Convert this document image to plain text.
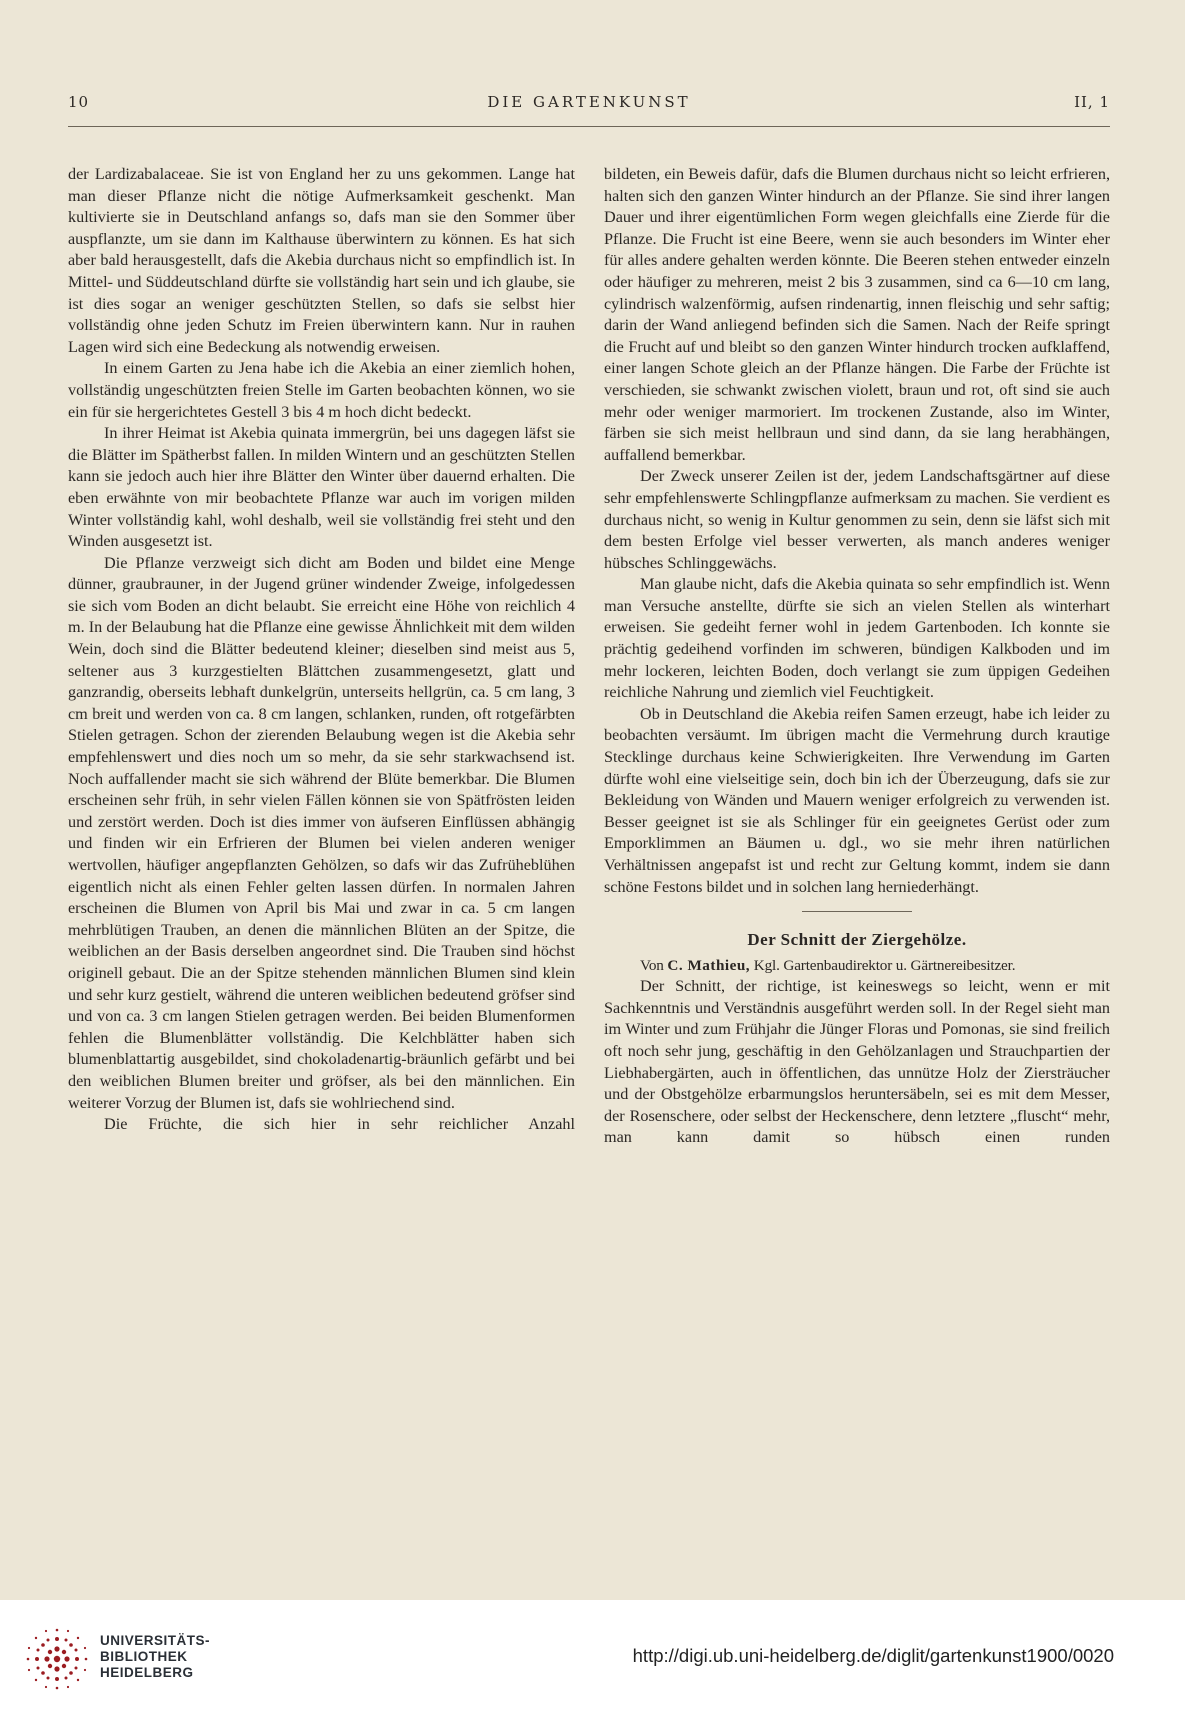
10	DIE GARTENKUNST	II, 1

der Lardizabalaceae. Sie ist von England her zu uns gekommen. Lange hat man dieser Pflanze nicht die nötige Aufmerksamkeit geschenkt. Man kultivierte sie in Deutschland anfangs so, dafs man sie den Sommer über auspflanzte, um sie dann im Kalthause überwintern zu können. Es hat sich aber bald herausgestellt, dafs die Akebia durchaus nicht so empfindlich ist. In Mittel- und Süddeutschland dürfte sie vollständig hart sein und ich glaube, sie ist dies sogar an weniger geschützten Stellen, so dafs sie selbst hier vollständig ohne jeden Schutz im Freien überwintern kann. Nur in rauhen Lagen wird sich eine Bedeckung als notwendig erweisen.

In einem Garten zu Jena habe ich die Akebia an einer ziemlich hohen, vollständig ungeschützten freien Stelle im Garten beobachten können, wo sie ein für sie hergerichtetes Gestell 3 bis 4 m hoch dicht bedeckt.

In ihrer Heimat ist Akebia quinata immergrün, bei uns dagegen läfst sie die Blätter im Spätherbst fallen. In milden Wintern und an geschützten Stellen kann sie jedoch auch hier ihre Blätter den Winter über dauernd erhalten. Die eben erwähnte von mir beobachtete Pflanze war auch im vorigen milden Winter vollständig kahl, wohl deshalb, weil sie vollständig frei steht und den Winden ausgesetzt ist.

Die Pflanze verzweigt sich dicht am Boden und bildet eine Menge dünner, graubrauner, in der Jugend grüner windender Zweige, infolgedessen sie sich vom Boden an dicht belaubt. Sie erreicht eine Höhe von reichlich 4 m. In der Belaubung hat die Pflanze eine gewisse Ähnlichkeit mit dem wilden Wein, doch sind die Blätter bedeutend kleiner; dieselben sind meist aus 5, seltener aus 3 kurzgestielten Blättchen zusammengesetzt, glatt und ganzrandig, oberseits lebhaft dunkelgrün, unterseits hellgrün, ca. 5 cm lang, 3 cm breit und werden von ca. 8 cm langen, schlanken, runden, oft rotgefärbten Stielen getragen. Schon der zierenden Belaubung wegen ist die Akebia sehr empfehlenswert und dies noch um so mehr, da sie sehr starkwachsend ist. Noch auffallender macht sie sich während der Blüte bemerkbar. Die Blumen erscheinen sehr früh, in sehr vielen Fällen können sie von Spätfrösten leiden und zerstört werden. Doch ist dies immer von äufseren Einflüssen abhängig und finden wir ein Erfrieren der Blumen bei vielen anderen weniger wertvollen, häufiger angepflanzten Gehölzen, so dafs wir das Zufrüheblühen eigentlich nicht als einen Fehler gelten lassen dürfen. In normalen Jahren erscheinen die Blumen von April bis Mai und zwar in ca. 5 cm langen mehrblütigen Trauben, an denen die männlichen Blüten an der Spitze, die weiblichen an der Basis derselben angeordnet sind. Die Trauben sind höchst originell gebaut. Die an der Spitze stehenden männlichen Blumen sind klein und sehr kurz gestielt, während die unteren weiblichen bedeutend gröfser sind und von ca. 3 cm langen Stielen getragen werden. Bei beiden Blumenformen fehlen die Blumenblätter vollständig. Die Kelchblätter haben sich blumenblattartig ausgebildet, sind chokoladenartig-bräunlich gefärbt und bei den weiblichen Blumen breiter und gröfser, als bei den männlichen. Ein weiterer Vorzug der Blumen ist, dafs sie wohlriechend sind.

Die Früchte, die sich hier in sehr reichlicher Anzahl

bildeten, ein Beweis dafür, dafs die Blumen durchaus nicht so leicht erfrieren, halten sich den ganzen Winter hindurch an der Pflanze. Sie sind ihrer langen Dauer und ihrer eigentümlichen Form wegen gleichfalls eine Zierde für die Pflanze. Die Frucht ist eine Beere, wenn sie auch besonders im Winter eher für alles andere gehalten werden könnte. Die Beeren stehen entweder einzeln oder häufiger zu mehreren, meist 2 bis 3 zusammen, sind ca 6—10 cm lang, cylindrisch walzenförmig, aufsen rindenartig, innen fleischig und sehr saftig; darin der Wand anliegend befinden sich die Samen. Nach der Reife springt die Frucht auf und bleibt so den ganzen Winter hindurch trocken aufklaffend, einer langen Schote gleich an der Pflanze hängen. Die Farbe der Früchte ist verschieden, sie schwankt zwischen violett, braun und rot, oft sind sie auch mehr oder weniger marmoriert. Im trockenen Zustande, also im Winter, färben sie sich meist hellbraun und sind dann, da sie lang herabhängen, auffallend bemerkbar.

Der Zweck unserer Zeilen ist der, jedem Landschaftsgärtner auf diese sehr empfehlenswerte Schlingpflanze aufmerksam zu machen. Sie verdient es durchaus nicht, so wenig in Kultur genommen zu sein, denn sie läfst sich mit dem besten Erfolge viel besser verwerten, als manch anderes weniger hübsches Schlinggewächs.

Man glaube nicht, dafs die Akebia quinata so sehr empfindlich ist. Wenn man Versuche anstellte, dürfte sie sich an vielen Stellen als winterhart erweisen. Sie gedeiht ferner wohl in jedem Gartenboden. Ich konnte sie prächtig gedeihend vorfinden im schweren, bündigen Kalkboden und im mehr lockeren, leichten Boden, doch verlangt sie zum üppigen Gedeihen reichliche Nahrung und ziemlich viel Feuchtigkeit.

Ob in Deutschland die Akebia reifen Samen erzeugt, habe ich leider zu beobachten versäumt. Im übrigen macht die Vermehrung durch krautige Stecklinge durchaus keine Schwierigkeiten. Ihre Verwendung im Garten dürfte wohl eine vielseitige sein, doch bin ich der Überzeugung, dafs sie zur Bekleidung von Wänden und Mauern weniger erfolgreich zu verwenden ist. Besser geeignet ist sie als Schlinger für ein geeignetes Gerüst oder zum Emporklimmen an Bäumen u. dgl., wo sie mehr ihren natürlichen Verhältnissen angepafst ist und recht zur Geltung kommt, indem sie dann schöne Festons bildet und in solchen lang herniederhängt.

Der Schnitt der Ziergehölze.

Von C. Mathieu, Kgl. Gartenbaudirektor u. Gärtnereibesitzer.

Der Schnitt, der richtige, ist keineswegs so leicht, wenn er mit Sachkenntnis und Verständnis ausgeführt werden soll. In der Regel sieht man im Winter und zum Frühjahr die Jünger Floras und Pomonas, sie sind freilich oft noch sehr jung, geschäftig in den Gehölzanlagen und Strauchpartien der Liebhabergärten, auch in öffentlichen, das unnütze Holz der Ziersträucher und der Obstgehölze erbarmungslos heruntersäbeln, sei es mit dem Messer, der Rosenschere, oder selbst der Heckenschere, denn letztere „fluscht“ mehr, man kann damit so hübsch einen runden

UNIVERSITÄTS-
BIBLIOTHEK
HEIDELBERG
http://digi.ub.uni-heidelberg.de/diglit/gartenkunst1900/0020
